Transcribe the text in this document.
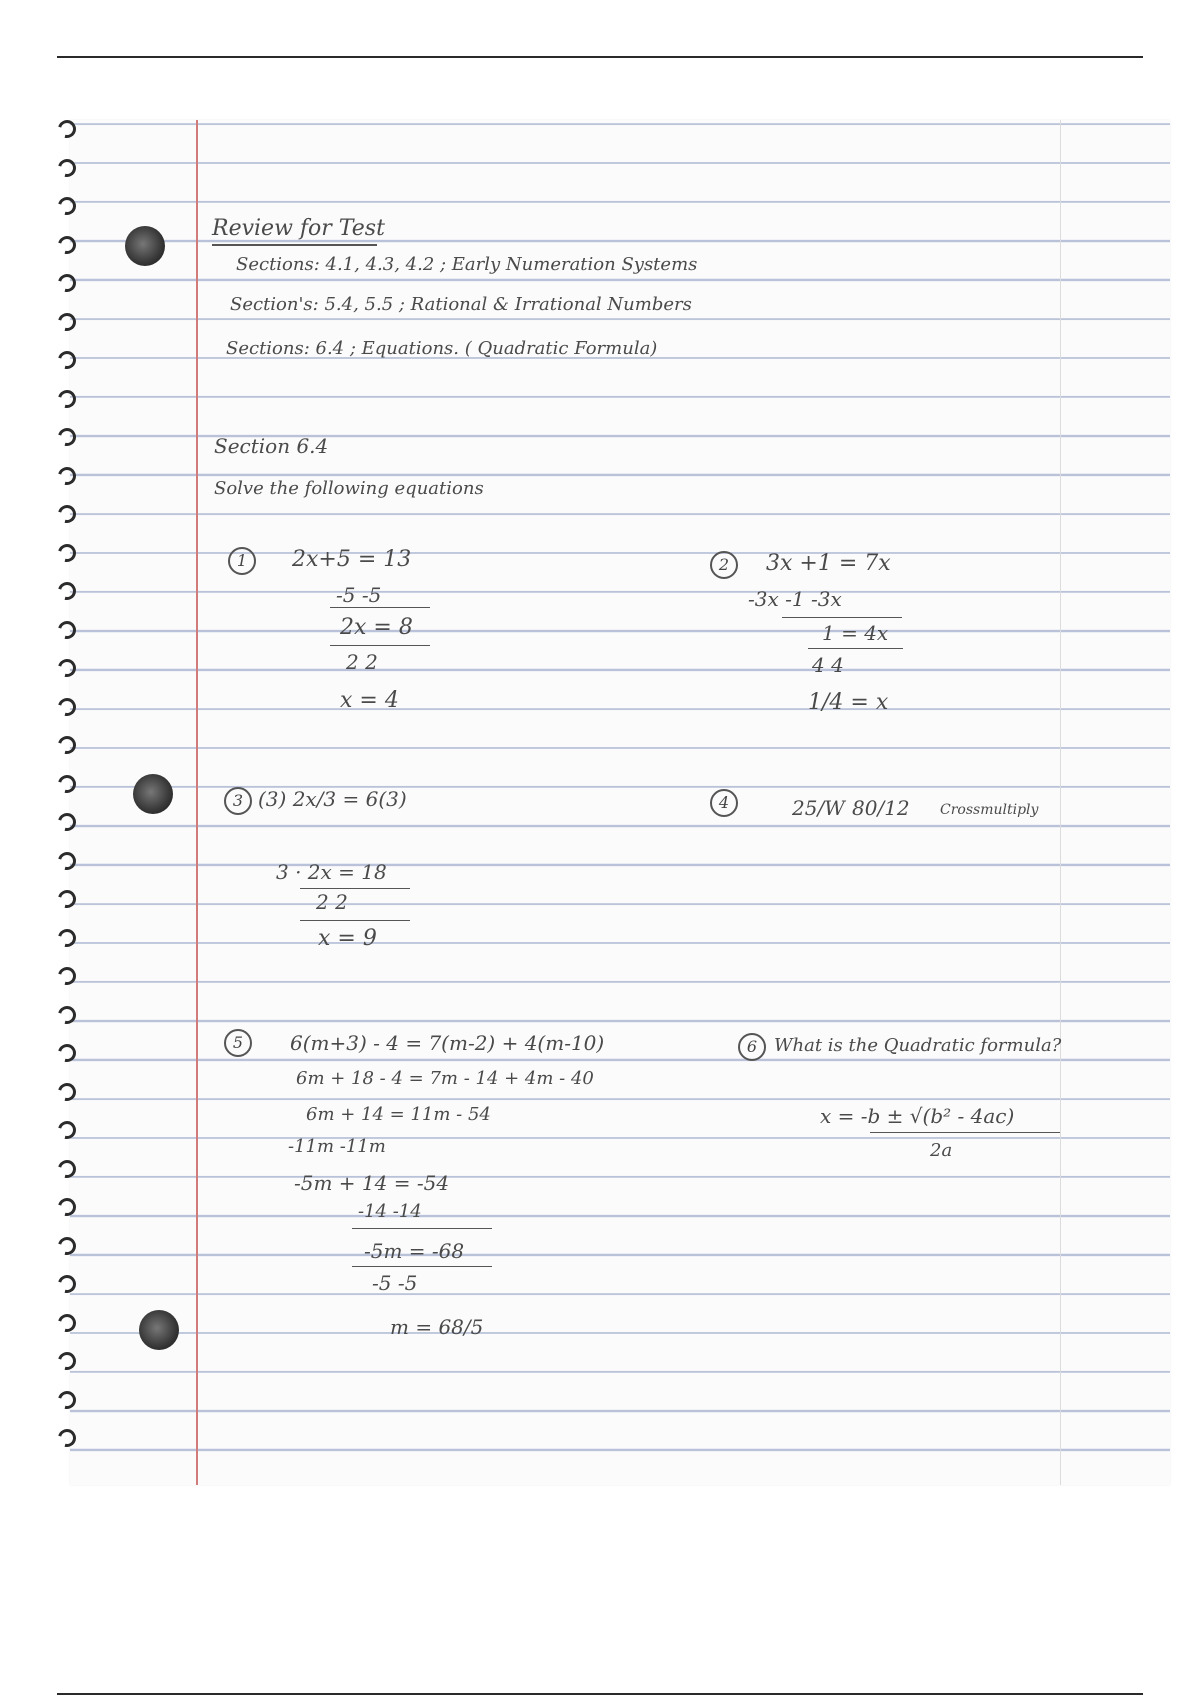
Review for Test
Sections: 4.1, 4.3, 4.2 ; Early Numeration Systems
Section's: 5.4, 5.5 ; Rational & Irrational Numbers
Sections: 6.4 ; Equations. ( Quadratic Formula)
Section 6.4
Solve the following equations
1	2x+5 = 13
-5 -5
2x = 8
2 2
x = 4
2	3x +1 = 7x
-3x -1 -3x
1 = 4x
4 4
1/4 = x
3 (3) 2x/3 = 6(3)
3 · 2x = 18
2 2
x = 9
4	25/W 80/12 Crossmultiply
5	6(m+3) - 4 = 7(m-2) + 4(m-10)
6m + 18 - 4 = 7m - 14 + 4m - 40
6m + 14 = 11m - 54
-11m -11m
-5m + 14 = -54
-14 -14
-5m = -68
-5 -5
m = 68/5
6 What is the Quadratic formula?
x = -b ± √(b² - 4ac)
2a
